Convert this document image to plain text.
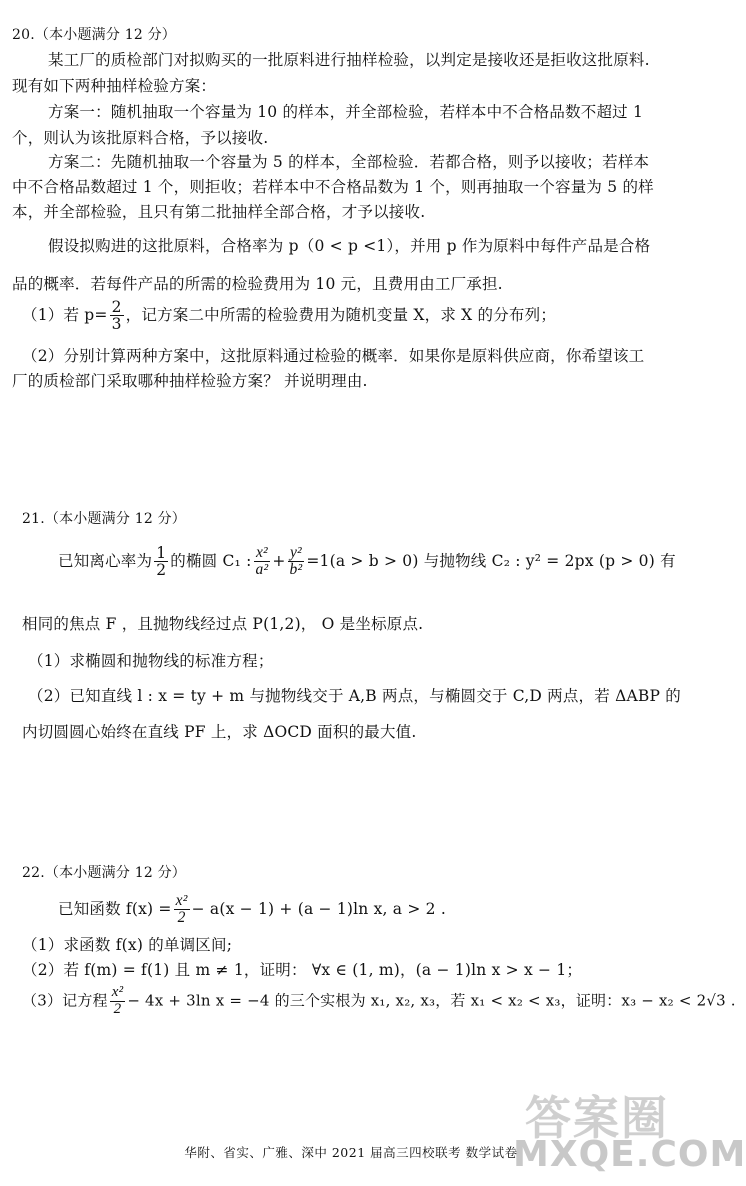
20.（本小题满分 12 分）
某工厂的质检部门对拟购买的一批原料进行抽样检验，以判定是接收还是拒收这批原料.
现有如下两种抽样检验方案：
方案一：随机抽取一个容量为 10 的样本，并全部检验，若样本中不合格品数不超过 1
个，则认为该批原料合格，予以接收.
方案二：先随机抽取一个容量为 5 的样本，全部检验．若都合格，则予以接收；若样本
中不合格品数超过 1 个，则拒收；若样本中不合格品数为 1 个，则再抽取一个容量为 5 的样
本，并全部检验，且只有第二批抽样全部合格，才予以接收.
假设拟购进的这批原料，合格率为 p（0 < p <1），并用 p 作为原料中每件产品是合格
品的概率．若每件产品的所需的检验费用为 10 元，且费用由工厂承担.
（1）若 $p= \frac{2}{3}$ ，记方案二中所需的检验费用为随机变量 X，求 X 的分布列；
（2）分别计算两种方案中，这批原料通过检验的概率．如果你是原料供应商，你希望该工
厂的质检部门采取哪种抽样检验方案？ 并说明理由.
21.（本小题满分 12 分）
已知离心率为 $\frac{1}{2}$ 的椭圆 C₁ : $\frac{\text{x²}}{\text{a²}} + \frac{\text{y²}}{\text{b²}} =1(a > b > 0)$ 与抛物线 C₂ : y² = 2px (p > 0) 有
相同的焦点 F ，且抛物线经过点 P(1,2)， O 是坐标原点.
（1）求椭圆和抛物线的标准方程；
（2）已知直线 l : x = ty + m 与抛物线交于 A,B 两点，与椭圆交于 C,D 两点，若 ΔABP 的
内切圆圆心始终在直线 PF 上，求 ΔOCD 面积的最大值.
22.（本小题满分 12 分）
已知函数 $f(x) = \frac{\text{x²}}{2} - a(x - 1) + (a - 1)\ln$ x, a > 2 .
（1）求函数 f(x) 的单调区间;
（2）若 f(m) = f(1) 且 m ≠ 1，证明： ∀x ∈ (1, m)，(a − 1)ln x > x − 1；
（3）记方程 $\frac{\text{x²}}{2} - 4x + 3\ln$ x = −4 的三个实根为 x₁, x₂, x₃，若 x₁ < x₂ < x₃，证明：x₃ − x₂ < 2√3 .
答案圈
MXQE.COM
华附、省实、广雅、深中 2021 届高三四校联考 数学试卷
